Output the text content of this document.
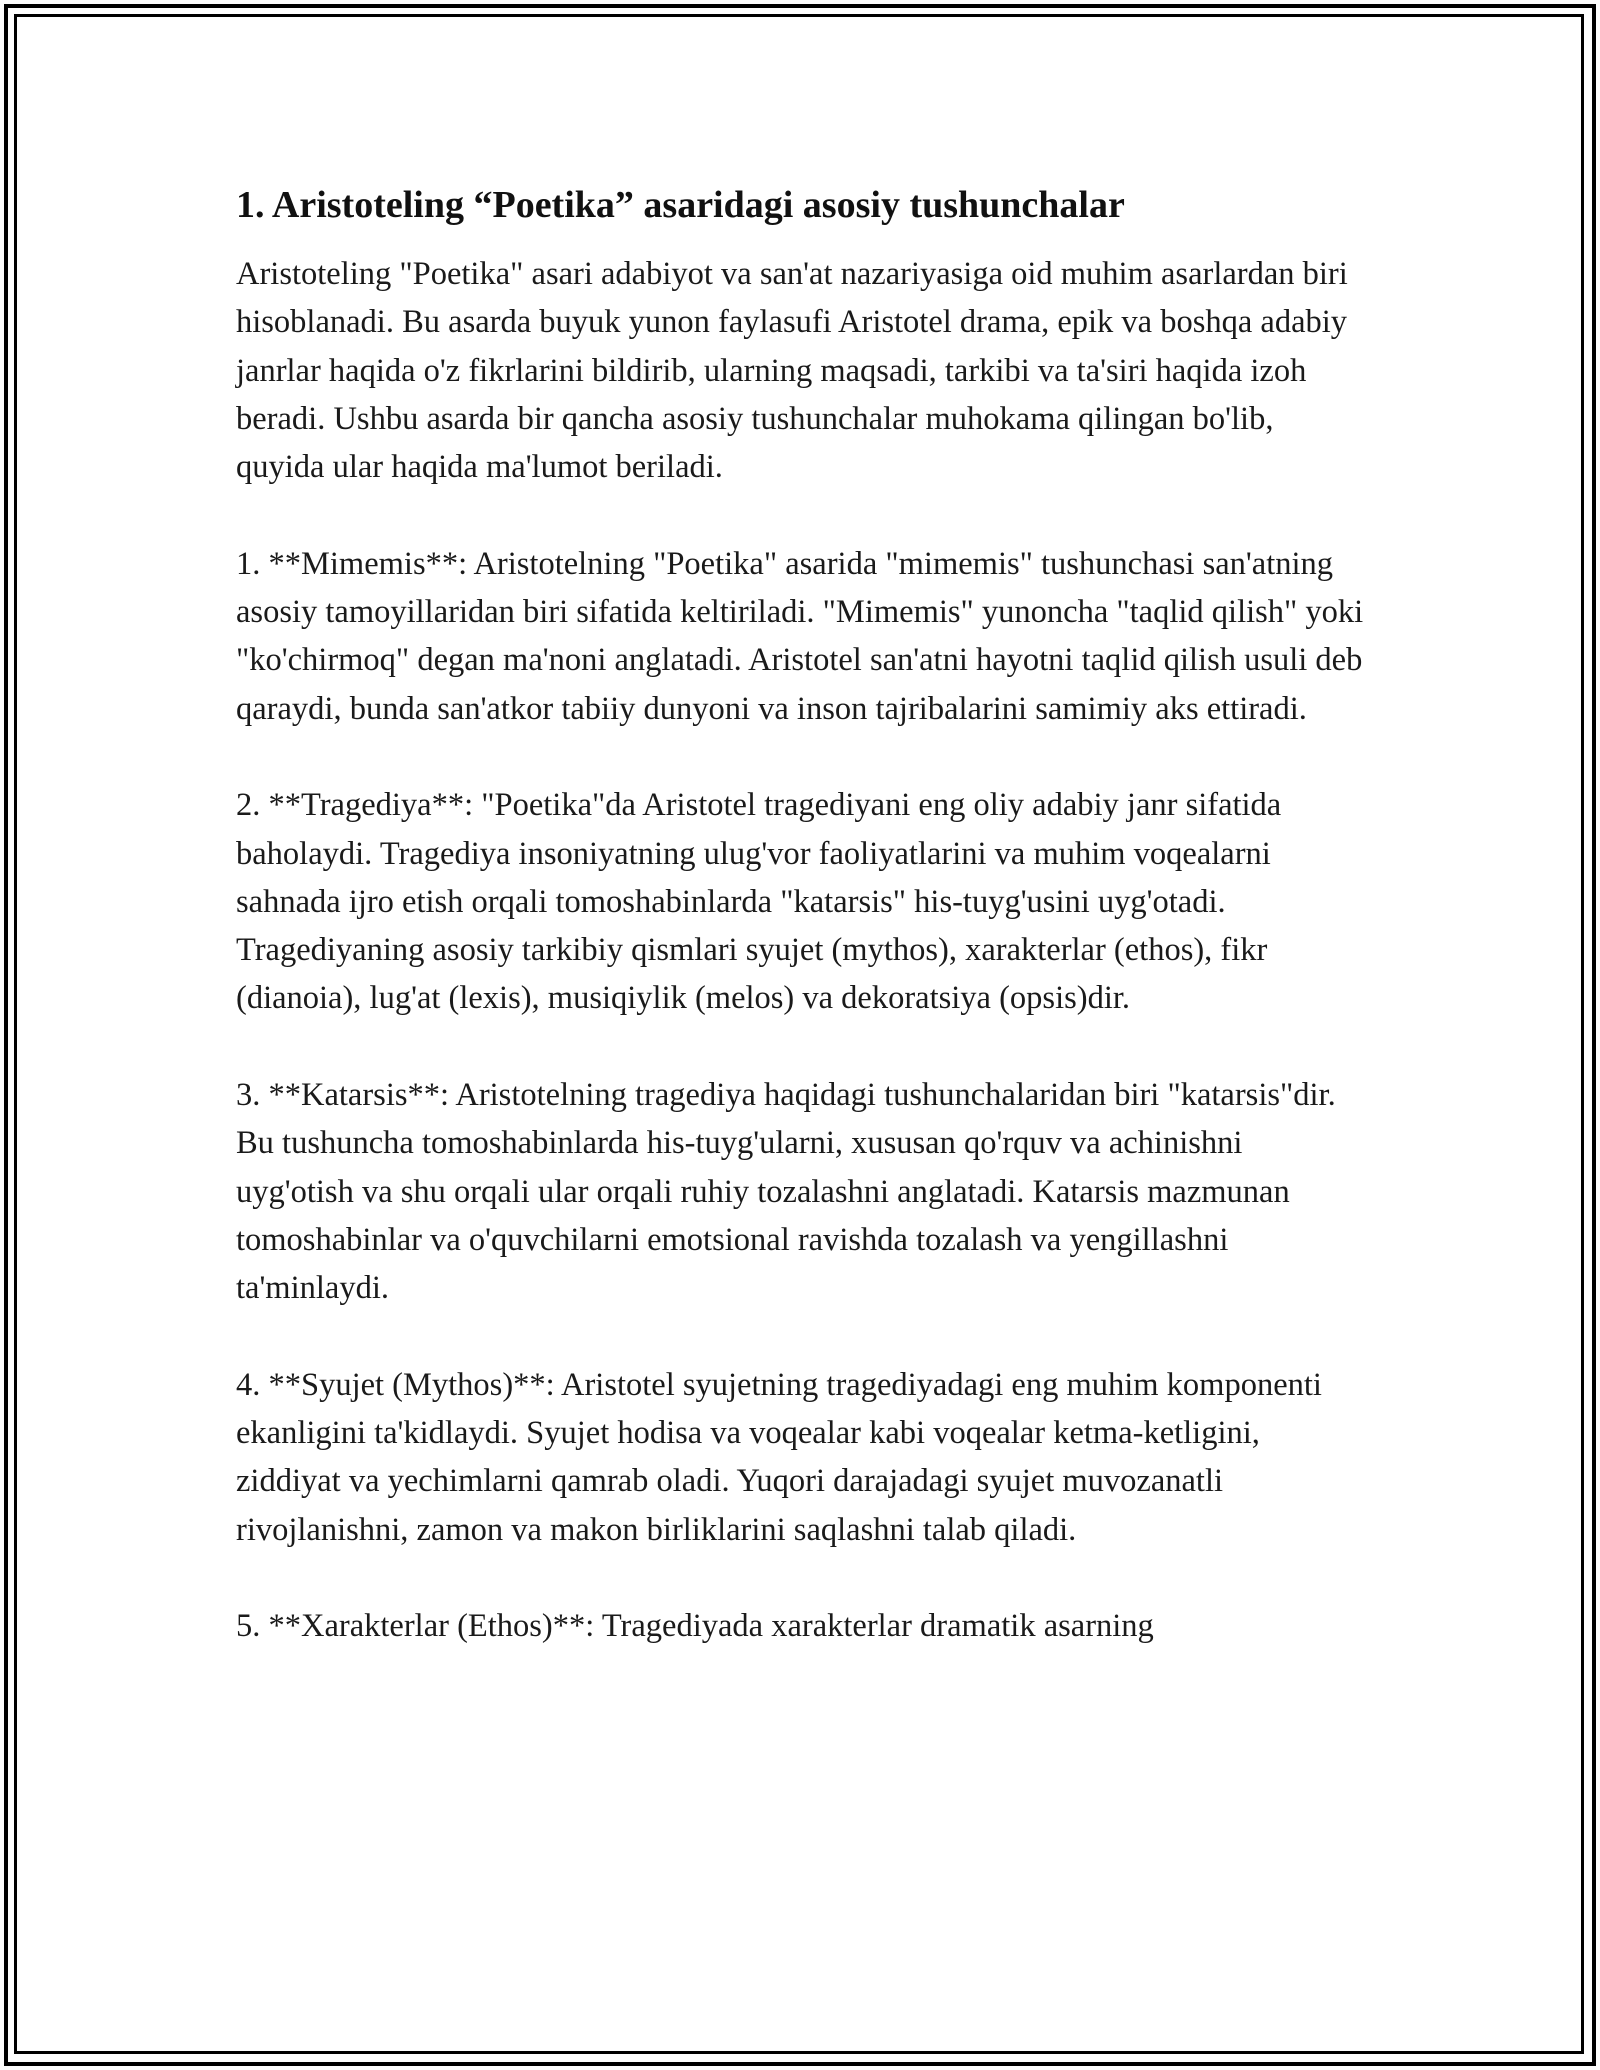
1. Aristoteling “Poetika” asaridagi asosiy tushunchalar

Aristoteling "Poetika" asari adabiyot va san'at nazariyasiga oid muhim asarlardan biri hisoblanadi. Bu asarda buyuk yunon faylasufi Aristotel drama, epik va boshqa adabiy janrlar haqida o'z fikrlarini bildirib, ularning maqsadi, tarkibi va ta'siri haqida izoh beradi. Ushbu asarda bir qancha asosiy tushunchalar muhokama qilingan bo'lib, quyida ular haqida ma'lumot beriladi.

1. **Mimemis**: Aristotelning "Poetika" asarida "mimemis" tushunchasi san'atning asosiy tamoyillaridan biri sifatida keltiriladi. "Mimemis" yunoncha "taqlid qilish" yoki "ko'chirmoq" degan ma'noni anglatadi. Aristotel san'atni hayotni taqlid qilish usuli deb qaraydi, bunda san'atkor tabiiy dunyoni va inson tajribalarini samimiy aks ettiradi.

2. **Tragediya**: "Poetika"da Aristotel tragediyani eng oliy adabiy janr sifatida baholaydi. Tragediya insoniyatning ulug'vor faoliyatlarini va muhim voqealarni sahnada ijro etish orqali tomoshabinlarda "katarsis" his-tuyg'usini uyg'otadi. Tragediyaning asosiy tarkibiy qismlari syujet (mythos), xarakterlar (ethos), fikr (dianoia), lug'at (lexis), musiqiylik (melos) va dekoratsiya (opsis)dir.

3. **Katarsis**: Aristotelning tragediya haqidagi tushunchalaridan biri "katarsis"dir. Bu tushuncha tomoshabinlarda his-tuyg'ularni, xususan qo'rquv va achinishni uyg'otish va shu orqali ular orqali ruhiy tozalashni anglatadi. Katarsis mazmunan tomoshabinlar va o'quvchilarni emotsional ravishda tozalash va yengillashni ta'minlaydi.

4. **Syujet (Mythos)**: Aristotel syujetning tragediyadagi eng muhim komponenti ekanligini ta'kidlaydi. Syujet hodisa va voqealar kabi voqealar ketma-ketligini, ziddiyat va yechimlarni qamrab oladi. Yuqori darajadagi syujet muvozanatli rivojlanishni, zamon va makon birliklarini saqlashni talab qiladi.

5. **Xarakterlar (Ethos)**: Tragediyada xarakterlar dramatik asarning
